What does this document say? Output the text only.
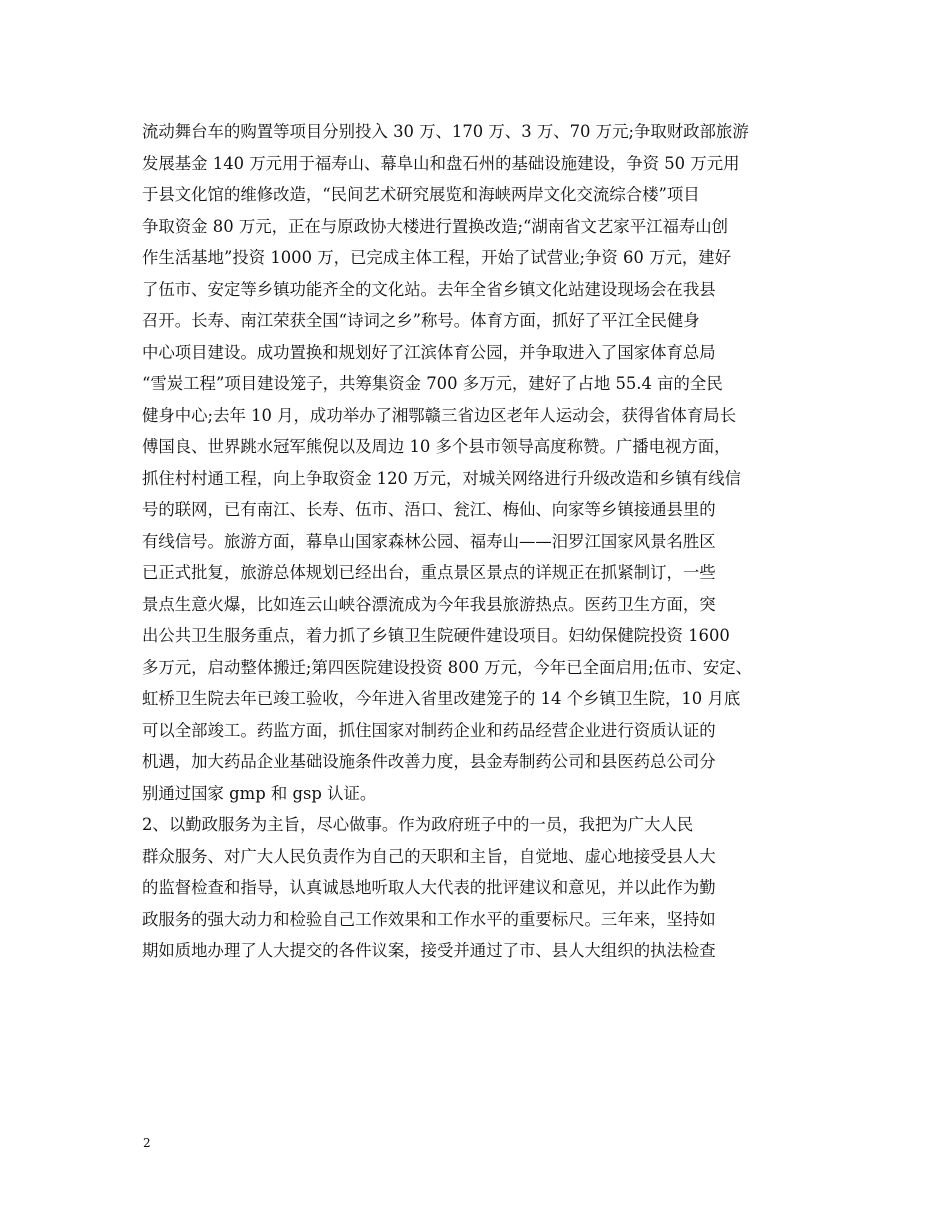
流动舞台车的购置等项目分别投入 30 万、170 万、3 万、70 万元;争取财政部旅游
发展基金 140 万元用于福寿山、幕阜山和盘石州的基础设施建设，争资 50 万元用
于县文化馆的维修改造，“民间艺术研究展览和海峡两岸文化交流综合楼”项目
争取资金 80 万元，正在与原政协大楼进行置换改造;“湖南省文艺家平江福寿山创
作生活基地”投资 1000 万，已完成主体工程，开始了试营业;争资 60 万元，建好
了伍市、安定等乡镇功能齐全的文化站。去年全省乡镇文化站建设现场会在我县
召开。长寿、南江荣获全国“诗词之乡”称号。体育方面，抓好了平江全民健身
中心项目建设。成功置换和规划好了江滨体育公园，并争取进入了国家体育总局
“雪炭工程”项目建设笼子，共筹集资金 700 多万元，建好了占地 55.4 亩的全民
健身中心;去年 10 月，成功举办了湘鄂赣三省边区老年人运动会，获得省体育局长
傅国良、世界跳水冠军熊倪以及周边 10 多个县市领导高度称赞。广播电视方面，
抓住村村通工程，向上争取资金 120 万元，对城关网络进行升级改造和乡镇有线信
号的联网，已有南江、长寿、伍市、浯口、瓮江、梅仙、向家等乡镇接通县里的
有线信号。旅游方面，幕阜山国家森林公园、福寿山——汨罗江国家风景名胜区
已正式批复，旅游总体规划已经出台，重点景区景点的详规正在抓紧制订，一些
景点生意火爆，比如连云山峡谷漂流成为今年我县旅游热点。医药卫生方面，突
出公共卫生服务重点，着力抓了乡镇卫生院硬件建设项目。妇幼保健院投资 1600
多万元，启动整体搬迁;第四医院建设投资 800 万元，今年已全面启用;伍市、安定、
虹桥卫生院去年已竣工验收，今年进入省里改建笼子的 14 个乡镇卫生院，10 月底
可以全部竣工。药监方面，抓住国家对制药企业和药品经营企业进行资质认证的
机遇，加大药品企业基础设施条件改善力度，县金寿制药公司和县医药总公司分
别通过国家 gmp 和 gsp 认证。
2、以勤政服务为主旨，尽心做事。作为政府班子中的一员，我把为广大人民
群众服务、对广大人民负责作为自己的天职和主旨，自觉地、虚心地接受县人大
的监督检查和指导，认真诚恳地听取人大代表的批评建议和意见，并以此作为勤
政服务的强大动力和检验自己工作效果和工作水平的重要标尺。三年来，坚持如
期如质地办理了人大提交的各件议案，接受并通过了市、县人大组织的执法检查
2
